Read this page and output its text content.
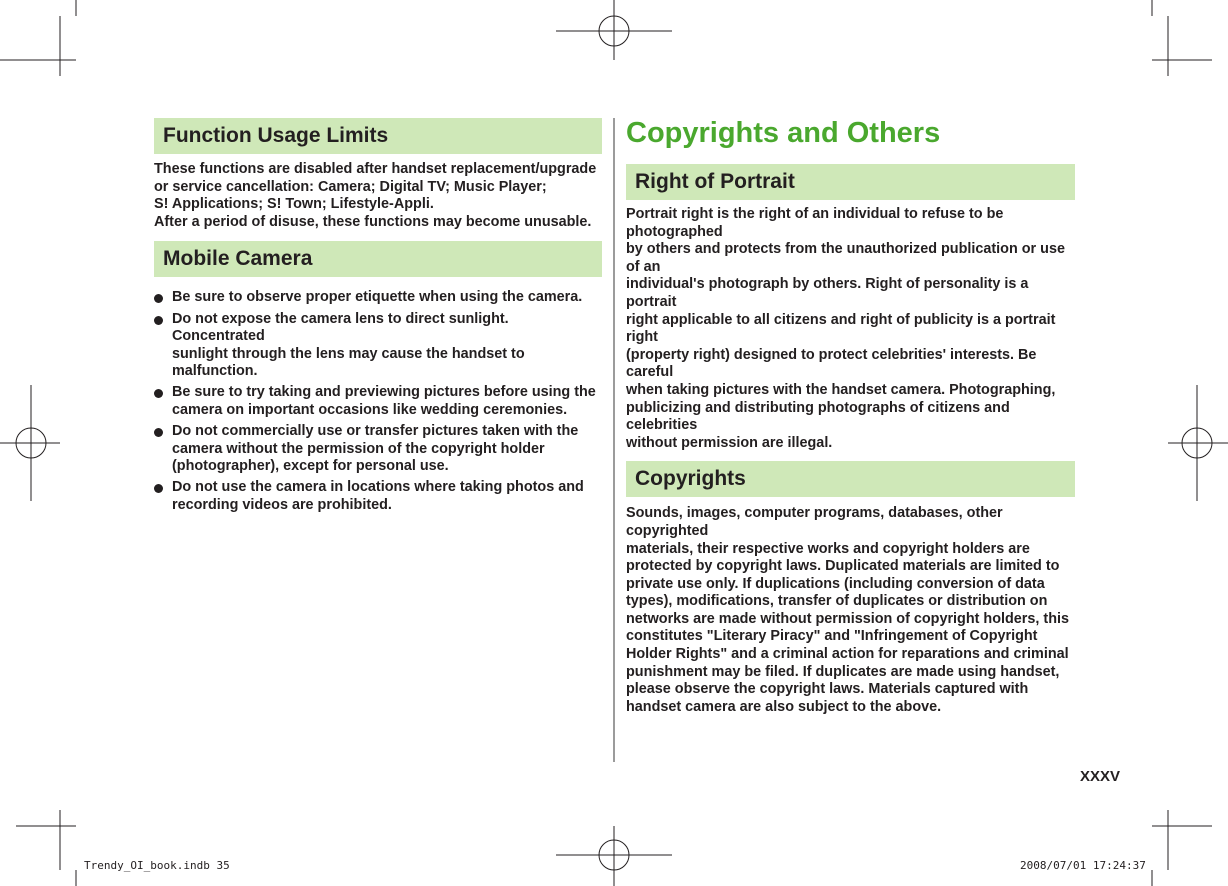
Function Usage Limits

These functions are disabled after handset replacement/upgrade

or service cancellation: Camera; Digital TV; Music Player;

S! Applications; S! Town; Lifestyle-Appli.

After a period of disuse, these functions may become unusable.

Mobile Camera
Be sure to observe proper etiquette when using the camera.
Do not expose the camera lens to direct sunlight. Concentrated
sunlight through the lens may cause the handset to malfunction.
Be sure to try taking and previewing pictures before using the
camera on important occasions like wedding ceremonies.
Do not commercially use or transfer pictures taken with the
camera without the permission of the copyright holder
(photographer), except for personal use.
Do not use the camera in locations where taking photos and
recording videos are prohibited.
Copyrights and Others
Right of Portrait

Portrait right is the right of an individual to refuse to be photographed

by others and protects from the unauthorized publication or use of an

individual's photograph by others. Right of personality is a portrait

right applicable to all citizens and right of publicity is a portrait right

(property right) designed to protect celebrities' interests. Be careful

when taking pictures with the handset camera. Photographing,

publicizing and distributing photographs of citizens and celebrities

without permission are illegal.

Copyrights

Sounds, images, computer programs, databases, other copyrighted

materials, their respective works and copyright holders are

protected by copyright laws. Duplicated materials are limited to

private use only. If duplications (including conversion of data

types), modifications, transfer of duplicates or distribution on

networks are made without permission of copyright holders, this

constitutes "Literary Piracy" and "Infringement of Copyright

Holder Rights" and a criminal action for reparations and criminal

punishment may be filed. If duplicates are made using handset,

please observe the copyright laws. Materials captured with

handset camera are also subject to the above.

XXXV
Trendy_OI_book.indb 35	2008/07/01 17:24:37
